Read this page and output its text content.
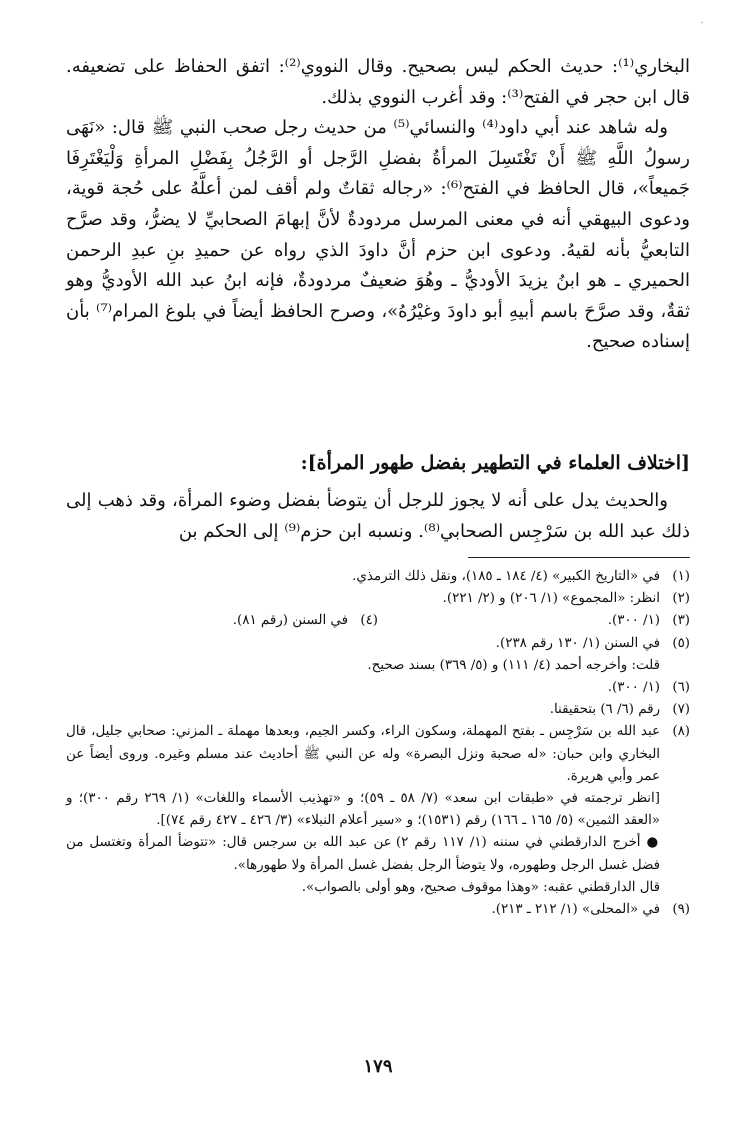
ˎ

البخاري⁽¹⁾: حديث الحكم ليس بصحيح. وقال النووي⁽²⁾: اتفق الحفاظ على تضعيفه. قال ابن حجر في الفتح⁽³⁾: وقد أغرب النووي بذلك.

وله شاهد عند أبي داود⁽⁴⁾ والنسائي⁽⁵⁾ من حديث رجل صحب النبي ﷺ قال: «نَهَى رسولُ اللَّهِ ﷺ أَنْ تَغْتَسِلَ المرأةُ بفضلِ الرَّجل أو الرَّجُلُ بِفَضْلِ المرأةِ وَلْيَغْتَرِفَا جَميعاً»، قال الحافظ في الفتح⁽⁶⁾: «رجاله ثقاتٌ ولم أقف لمن أعلَّهُ على حُجة قوية، ودعوى البيهقي أنه في معنى المرسل مردودةٌ لأنَّ إبهامَ الصحابيِّ لا يضرُّ، وقد صرَّح التابعيُّ بأنه لقيهُ. ودعوى ابن حزم أنَّ داودَ الذي رواه عن حميدِ بنِ عبدِ الرحمن الحميري ـ هو ابنُ يزيدَ الأوديُّ ـ وهُوَ ضعيفٌ مردودةٌ، فإنه ابنُ عبد الله الأوديُّ وهو ثقةٌ، وقد صرَّحَ باسم أبيهِ أبو داودَ وغيْرُهُ»، وصرح الحافظ أيضاً في بلوغ المرام⁽⁷⁾ بأن إسناده صحيح.

[اختلاف العلماء في التطهير بفضل طهور المرأة]:

والحديث يدل على أنه لا يجوز للرجل أن يتوضأ بفضل وضوء المرأة، وقد ذهب إلى ذلك عبد الله بن سَرْجِس الصحابي⁽⁸⁾. ونسبه ابن حزم⁽⁹⁾ إلى الحكم بن

(١)
في «التاريخ الكبير» (٤/ ١٨٤ ـ ١٨٥)، ونقل ذلك الترمذي.
(٢)
انظر: «المجموع» (١/ ٢٠٦) و (٢/ ٢٢١).
(٣)
(١/ ٣٠٠).
(٤)
في السنن (رقم ٨١).
(٥)
في السنن (١/ ١٣٠ رقم ٢٣٨).
قلت: وأخرجه أحمد (٤/ ١١١) و (٥/ ٣٦٩) بسند صحيح.
(٦)
(١/ ٣٠٠).
(٧)
رقم (٦/ ٦) بتحقيقنا.
(٨)
عبد الله بن سَرْجِس ـ بفتح المهملة، وسكون الراء، وكسر الجيم، وبعدها مهملة ـ المزني: صحابي جليل، قال البخاري وابن حبان: «له صحبة ونزل البصرة» وله عن النبي ﷺ أحاديث عند مسلم وغيره. وروى أيضاً عن عمر وأبي هريرة.
[انظر ترجمته في «طبقات ابن سعد» (٧/ ٥٨ ـ ٥٩)؛ و «تهذيب الأسماء واللغات» (١/ ٢٦٩ رقم ٣٠٠)؛ و «العقد الثمين» (٥/ ١٦٥ ـ ١٦٦) رقم (١٥٣١)؛ و «سير أعلام النبلاء» (٣/ ٤٢٦ ـ ٤٢٧ رقم ٧٤)].
● أخرج الدارقطني في سننه (١/ ١١٧ رقم ٢) عن عبد الله بن سرجس قال: «تتوضأ المرأة وتغتسل من فضل غسل الرجل وطهوره، ولا يتوضأ الرجل بفضل غسل المرأة ولا طهورها».
قال الدارقطني عقبه: «وهذا موقوف صحيح، وهو أولى بالصواب».
(٩)
في «المحلى» (١/ ٢١٢ ـ ٢١٣).
١٧٩
